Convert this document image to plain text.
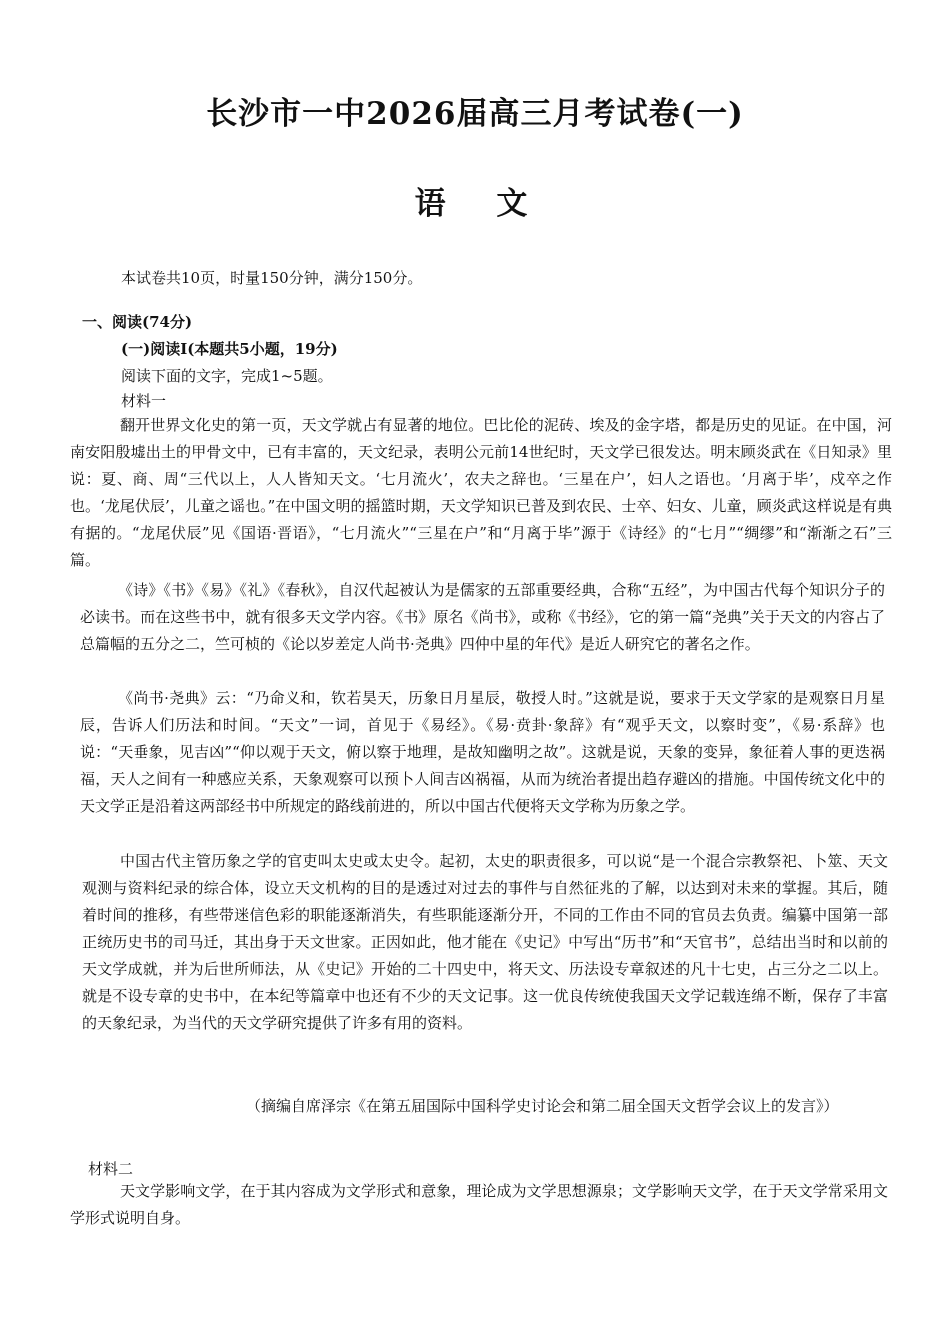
长沙市一中2026届高三月考试卷(一)
语 文
本试卷共10页，时量150分钟，满分150分。
一、阅读(74分)
(一)阅读Ⅰ(本题共5小题，19分)
阅读下面的文字，完成1~5题。
材料一

翻开世界文化史的第一页，天文学就占有显著的地位。巴比伦的泥砖、埃及的金字塔，都是历史的见证。在中国，河南安阳殷墟出土的甲骨文中，已有丰富的，天文纪录，表明公元前14世纪时，天文学已很发达。明末顾炎武在《日知录》里说：夏、商、周“三代以上，人人皆知天文。‘七月流火’，农夫之辞也。‘三星在户’，妇人之语也。‘月离于毕’，戍卒之作也。‘龙尾伏辰’，儿童之谣也。”在中国文明的摇篮时期，天文学知识已普及到农民、士卒、妇女、儿童，顾炎武这样说是有典有据的。“龙尾伏辰”见《国语·晋语》，“七月流火”“三星在户”和“月离于毕”源于《诗经》的“七月”“绸缪”和“渐渐之石”三篇。

《诗》《书》《易》《礼》《春秋》，自汉代起被认为是儒家的五部重要经典，合称“五经”，为中国古代每个知识分子的必读书。而在这些书中，就有很多天文学内容。《书》原名《尚书》，或称《书经》，它的第一篇“尧典”关于天文的内容占了总篇幅的五分之二，竺可桢的《论以岁差定人尚书·尧典》四仲中星的年代》是近人研究它的著名之作。

《尚书·尧典》云：“乃命义和，钦若昊天，历象日月星辰，敬授人时。”这就是说，要求于天文学家的是观察日月星辰，告诉人们历法和时间。“天文”一词，首见于《易经》。《易·贲卦·象辞》有“观乎天文，以察时变”，《易·系辞》也说：“天垂象，见吉凶”“仰以观于天文，俯以察于地理，是故知幽明之故”。这就是说，天象的变异，象征着人事的更迭祸福，天人之间有一种感应关系，天象观察可以预卜人间吉凶祸福，从而为统治者提出趋存避凶的措施。中国传统文化中的天文学正是沿着这两部经书中所规定的路线前进的，所以中国古代便将天文学称为历象之学。

中国古代主管历象之学的官吏叫太史或太史令。起初，太史的职责很多，可以说“是一个混合宗教祭祀、卜筮、天文观测与资料纪录的综合体，设立天文机构的目的是透过对过去的事件与自然征兆的了解，以达到对未来的掌握。其后，随着时间的推移，有些带迷信色彩的职能逐渐消失，有些职能逐渐分开，不同的工作由不同的官员去负责。编纂中国第一部正统历史书的司马迁，其出身于天文世家。正因如此，他才能在《史记》中写出“历书”和“天官书”，总结出当时和以前的天文学成就，并为后世所师法，从《史记》开始的二十四史中，将天文、历法设专章叙述的凡十七史，占三分之二以上。就是不设专章的史书中，在本纪等篇章中也还有不少的天文记事。这一优良传统使我国天文学记载连绵不断，保存了丰富的天象纪录，为当代的天文学研究提供了许多有用的资料。

（摘编自席泽宗《在第五届国际中国科学史讨论会和第二届全国天文哲学会议上的发言》）

材料二

天文学影响文学，在于其内容成为文学形式和意象，理论成为文学思想源泉；文学影响天文学，在于天文学常采用文学形式说明自身。
